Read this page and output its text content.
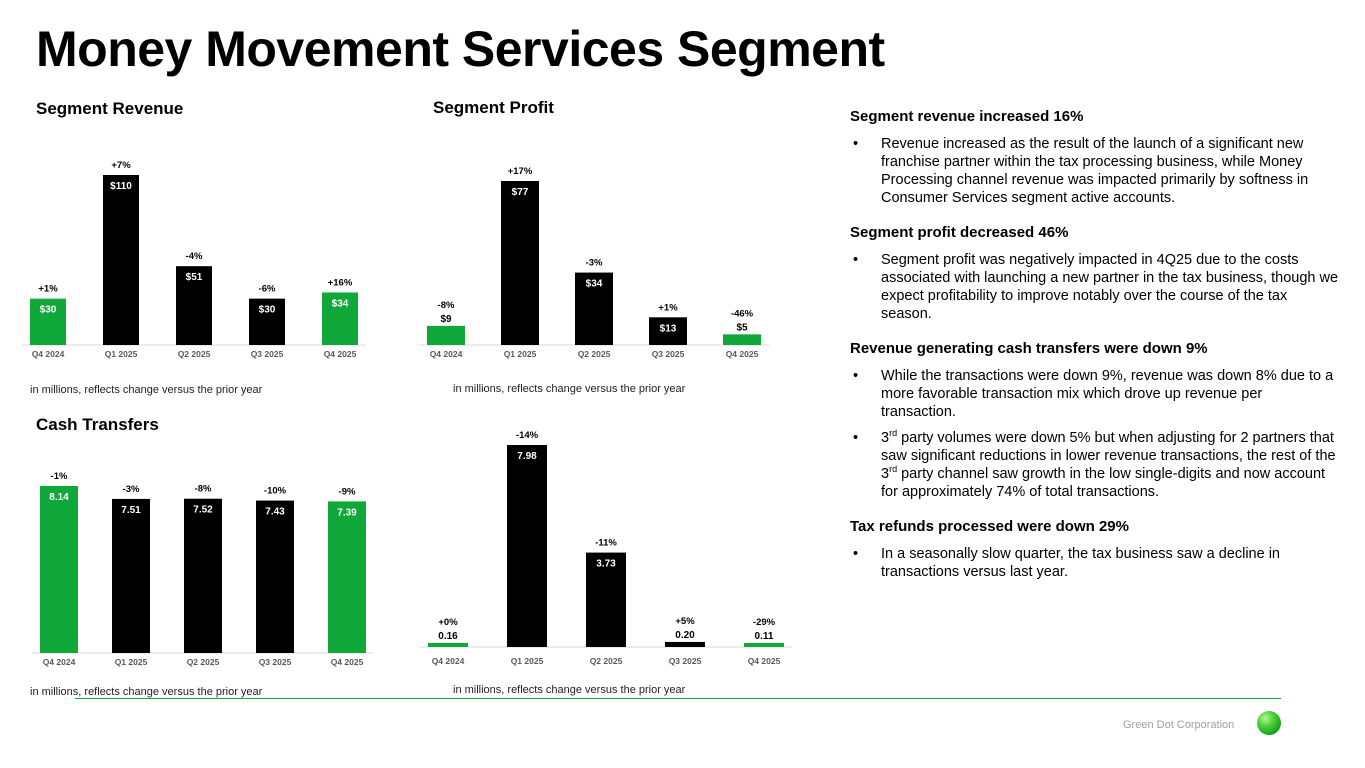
Money Movement Services Segment
Segment Revenue	Segment Profit
Cash Transfers
in millions, reflects change versus the prior year	in millions, reflects change versus the prior year
in millions, reflects change versus the prior year	in millions, reflects change versus the prior year
$30
+1%
Q4 2024
$110
+7%
Q1 2025
$51
-4%
Q2 2025
$30
-6%
Q3 2025
$34
+16%
Q4 2025
$9
-8%
Q4 2024
$77
+17%
Q1 2025
$34
-3%
Q2 2025
$13
+1%
Q3 2025
$5
-46%
Q4 2025
8.14
-1%
Q4 2024
7.51
-3%
Q1 2025
7.52
-8%
Q2 2025
7.43
-10%
Q3 2025
7.39
-9%
Q4 2025
0.16
+0%
Q4 2024
7.98
-14%
Q1 2025
3.73
-11%
Q2 2025
0.20
+5%
Q3 2025
0.11
-29%
Q4 2025
Segment revenue increased 16%
• Revenue increased as the result of the launch of a significant new franchise partner within the tax processing business, while Money Processing channel revenue was impacted primarily by softness in Consumer Services segment active accounts.
Segment profit decreased 46%
• Segment profit was negatively impacted in 4Q25 due to the costs associated with launching a new partner in the tax business, though we expect profitability to improve notably over the course of the tax season.
Revenue generating cash transfers were down 9%
• While the transactions were down 9%, revenue was down 8% due to a more favorable transaction mix which drove up revenue per transaction.
• 3rd party volumes were down 5% but when adjusting for 2 partners that saw significant reductions in lower revenue transactions, the rest of the 3rd party channel saw growth in the low single-digits and now account for approximately 74% of total transactions.
Tax refunds processed were down 29%
• In a seasonally slow quarter, the tax business saw a decline in transactions versus last year.
Green Dot Corporation
